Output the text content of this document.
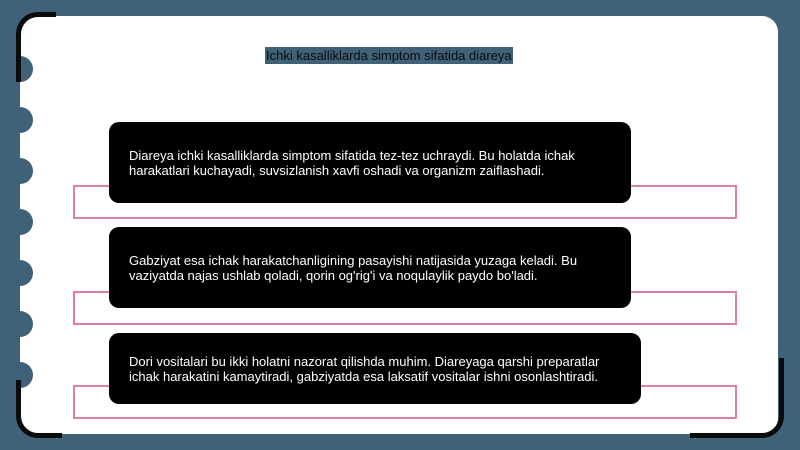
Ichki kasalliklarda simptom sifatida diareya

Diareya ichki kasalliklarda simptom sifatida tez-tez uchraydi. Bu holatda ichak
harakatlari kuchayadi, suvsizlanish xavfi oshadi va organizm zaiflashadi.

Gabziyat esa ichak harakatchanligining pasayishi natijasida yuzaga keladi. Bu
vaziyatda najas ushlab qoladi, qorin og'rig'i va noqulaylik paydo bo'ladi.

Dori vositalari bu ikki holatni nazorat qilishda muhim. Diareyaga qarshi preparatlar
ichak harakatini kamaytiradi, gabziyatda esa laksatif vositalar ishni osonlashtiradi.
